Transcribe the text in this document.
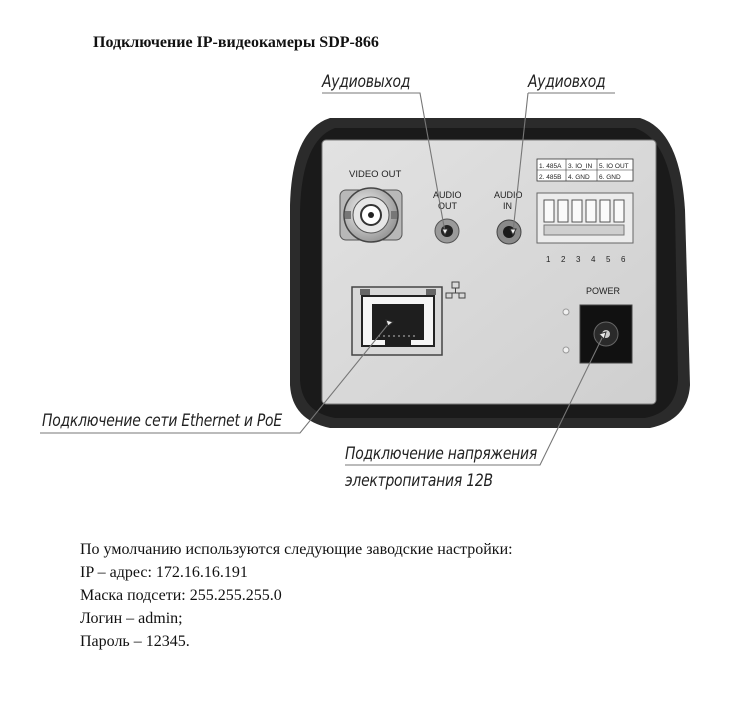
Подключение IP-видеокамеры SDP-866
VIDEO OUT
AUDIO
OUT
AUDIO
IN
1. 485A 3. IO_IN 5. IO OUT
2. 485B 4. GND 6. GND
1 2 3 4 5 6
POWER
Аудиовыход	Аудиовход
Подключение сети Ethernet и PoE
Подключение напряжения
электропитания 12В
По умолчанию используются следующие заводские настройки:
IP – адрес: 172.16.16.191
Маска подсети: 255.255.255.0
Логин – admin;
Пароль – 12345.
